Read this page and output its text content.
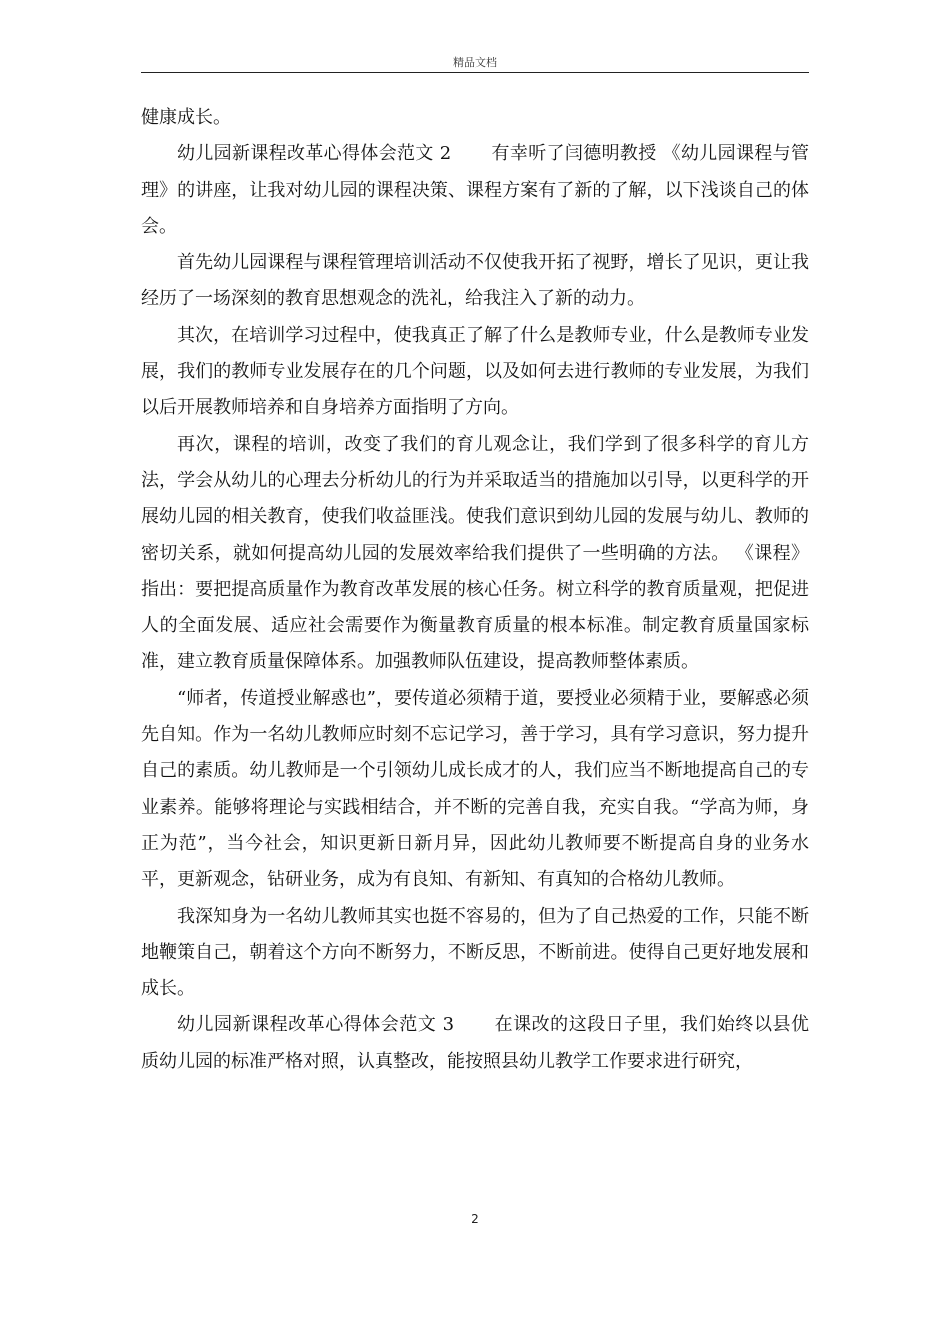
精品文档

健康成长。

幼儿园新课程改革心得体会范文 2 有幸听了闫德明教授 《幼儿园课程与管理》的讲座，让我对幼儿园的课程决策、课程方案有了新的了解，以下浅谈自己的体会。

首先幼儿园课程与课程管理培训活动不仅使我开拓了视野，增长了见识，更让我经历了一场深刻的教育思想观念的洗礼，给我注入了新的动力。

其次，在培训学习过程中，使我真正了解了什么是教师专业，什么是教师专业发展，我们的教师专业发展存在的几个问题，以及如何去进行教师的专业发展，为我们以后开展教师培养和自身培养方面指明了方向。

再次，课程的培训，改变了我们的育儿观念让，我们学到了很多科学的育儿方法，学会从幼儿的心理去分析幼儿的行为并采取适当的措施加以引导，以更科学的开展幼儿园的相关教育，使我们收益匪浅。使我们意识到幼儿园的发展与幼儿、教师的密切关系，就如何提高幼儿园的发展效率给我们提供了一些明确的方法。 《课程》指出：要把提高质量作为教育改革发展的核心任务。树立科学的教育质量观，把促进人的全面发展、适应社会需要作为衡量教育质量的根本标准。制定教育质量国家标准，建立教育质量保障体系。加强教师队伍建设，提高教师整体素质。

“师者，传道授业解惑也”，要传道必须精于道，要授业必须精于业，要解惑必须先自知。作为一名幼儿教师应时刻不忘记学习，善于学习，具有学习意识，努力提升自己的素质。幼儿教师是一个引领幼儿成长成才的人，我们应当不断地提高自己的专业素养。能够将理论与实践相结合，并不断的完善自我，充实自我。“学高为师，身正为范”，当今社会，知识更新日新月异，因此幼儿教师要不断提高自身的业务水平，更新观念，钻研业务，成为有良知、有新知、有真知的合格幼儿教师。

我深知身为一名幼儿教师其实也挺不容易的，但为了自己热爱的工作，只能不断地鞭策自己，朝着这个方向不断努力，不断反思，不断前进。使得自己更好地发展和成长。

幼儿园新课程改革心得体会范文 3 在课改的这段日子里，我们始终以县优质幼儿园的标准严格对照，认真整改，能按照县幼儿教学工作要求进行研究，

2
